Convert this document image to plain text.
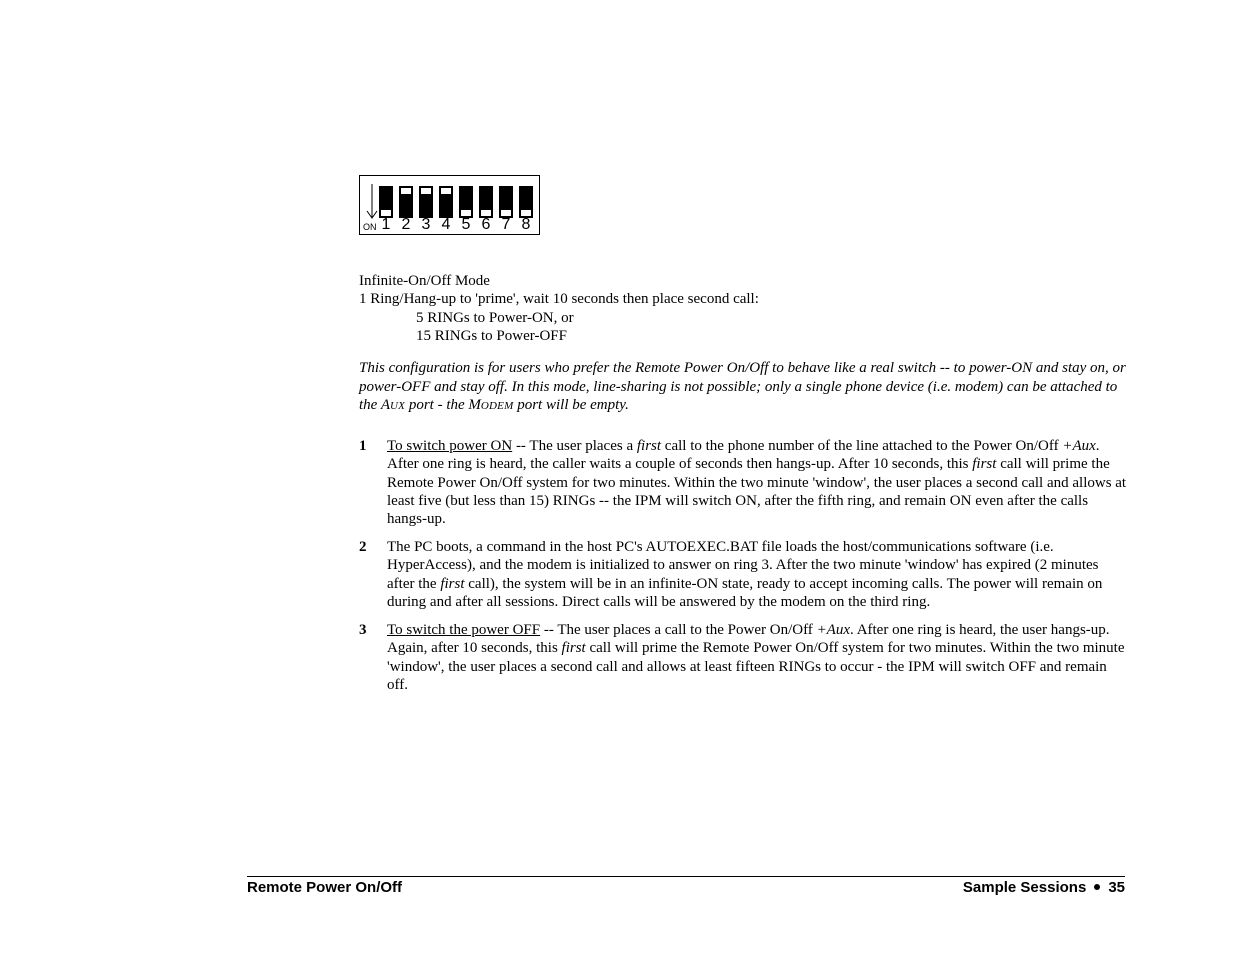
ON 1 2 3 4 5 6 7 8
Infinite-On/Off Mode
1 Ring/Hang-up to 'prime', wait 10 seconds then place second call:
5 RINGs to Power-ON, or
15 RINGs to Power-OFF
This configuration is for users who prefer the Remote Power On/Off to behave like a real switch -- to power-ON and stay on, or power-OFF and stay off. In this mode, line-sharing is not possible; only a single phone device (i.e. modem) can be attached to the AUX port - the MODEM port will be empty.
1 To switch power ON -- The user places a first call to the phone number of the line attached to the Power On/Off +Aux. After one ring is heard, the caller waits a couple of seconds then hangs-up. After 10 seconds, this first call will prime the Remote Power On/Off system for two minutes. Within the two minute 'window', the user places a second call and allows at least five (but less than 15) RINGs -- the IPM will switch ON, after the fifth ring, and remain ON even after the calls hangs-up.
2 The PC boots, a command in the host PC's AUTOEXEC.BAT file loads the host/communications software (i.e. HyperAccess), and the modem is initialized to answer on ring 3. After the two minute 'window' has expired (2 minutes after the first call), the system will be in an infinite-ON state, ready to accept incoming calls. The power will remain on during and after all sessions. Direct calls will be answered by the modem on the third ring.
3 To switch the power OFF -- The user places a call to the Power On/Off +Aux. After one ring is heard, the user hangs-up. Again, after 10 seconds, this first call will prime the Remote Power On/Off system for two minutes. Within the two minute 'window', the user places a second call and allows at least fifteen RINGs to occur - the IPM will switch OFF and remain off.
Remote Power On/Off	Sample Sessions 35
